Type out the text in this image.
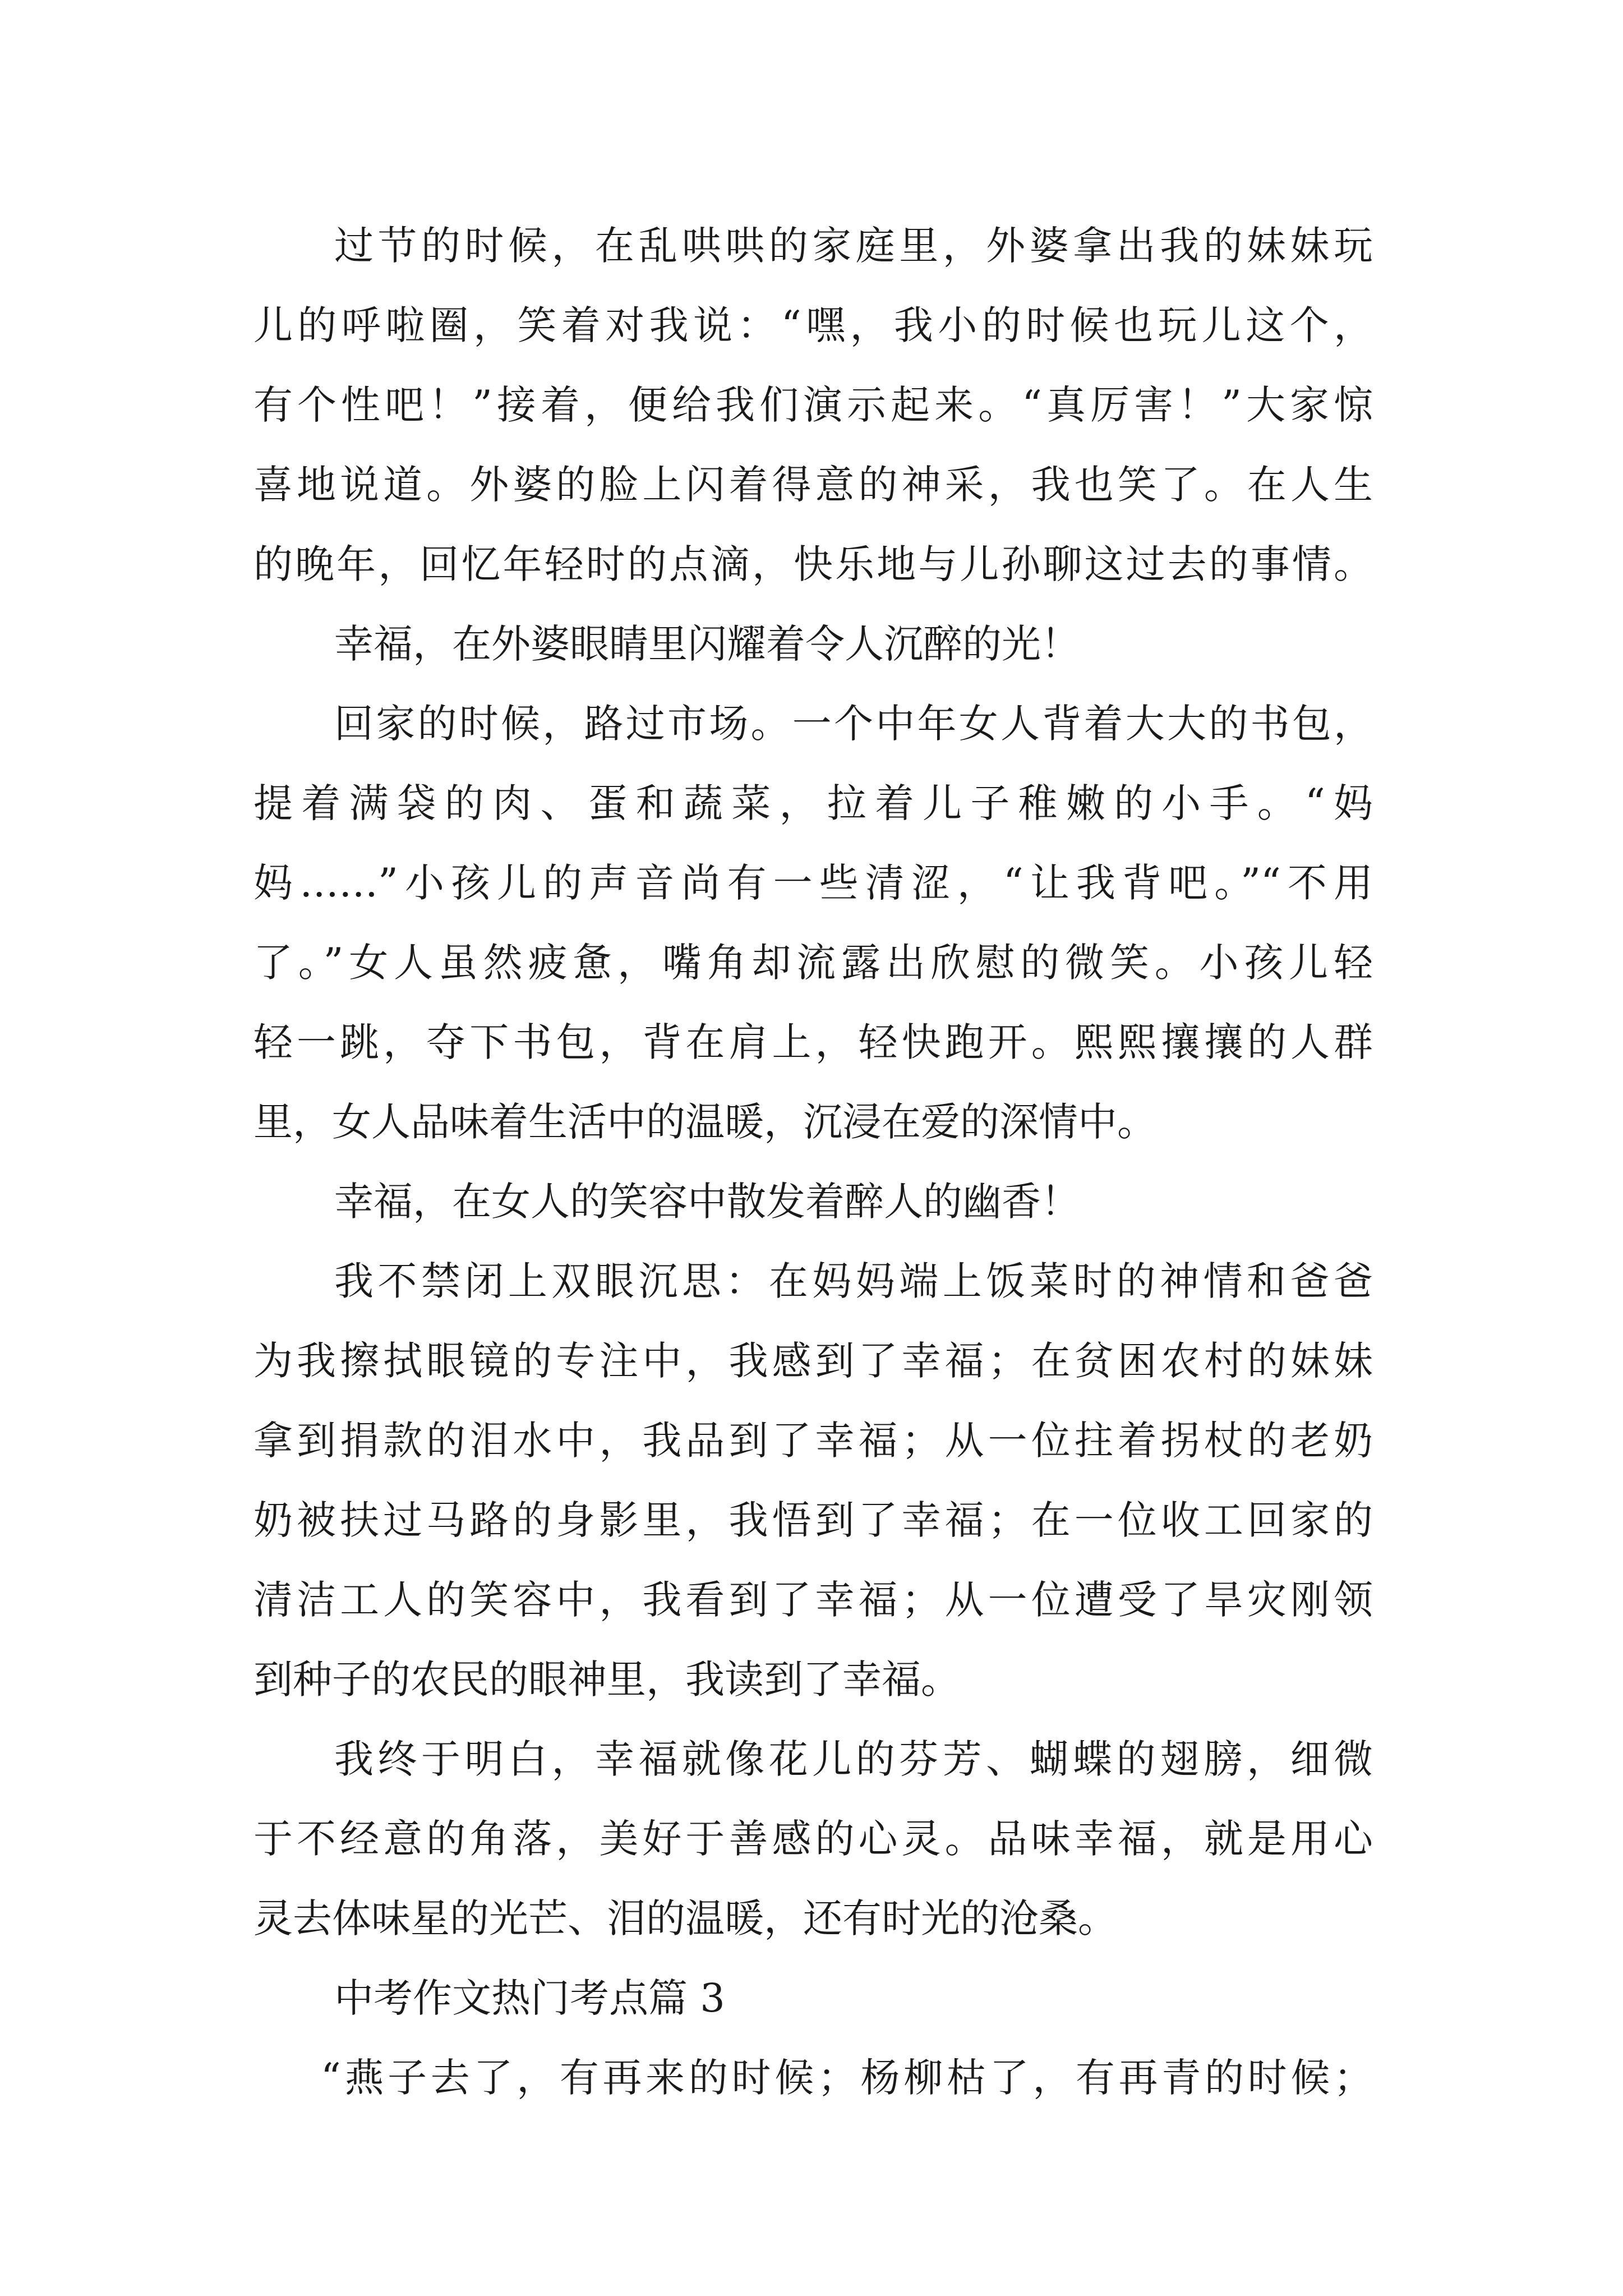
过节的时候，在乱哄哄的家庭里，外婆拿出我的妹妹玩
儿的呼啦圈，笑着对我说：“嘿，我小的时候也玩儿这个，
有个性吧！”接着，便给我们演示起来。“真厉害！”大家惊
喜地说道。外婆的脸上闪着得意的神采，我也笑了。在人生
的晚年，回忆年轻时的点滴，快乐地与儿孙聊这过去的事情。
幸福，在外婆眼睛里闪耀着令人沉醉的光！
回家的时候，路过市场。一个中年女人背着大大的书包，
提着满袋的肉、蛋和蔬菜，拉着儿子稚嫩的小手。“妈
妈……”小孩儿的声音尚有一些清涩，“让我背吧。”“不用
了。”女人虽然疲惫，嘴角却流露出欣慰的微笑。小孩儿轻
轻一跳，夺下书包，背在肩上，轻快跑开。熙熙攘攘的人群
里，女人品味着生活中的温暖，沉浸在爱的深情中。
幸福，在女人的笑容中散发着醉人的幽香！
我不禁闭上双眼沉思：在妈妈端上饭菜时的神情和爸爸
为我擦拭眼镜的专注中，我感到了幸福；在贫困农村的妹妹
拿到捐款的泪水中，我品到了幸福；从一位拄着拐杖的老奶
奶被扶过马路的身影里，我悟到了幸福；在一位收工回家的
清洁工人的笑容中，我看到了幸福；从一位遭受了旱灾刚领
到种子的农民的眼神里，我读到了幸福。
我终于明白，幸福就像花儿的芬芳、蝴蝶的翅膀，细微
于不经意的角落，美好于善感的心灵。品味幸福，就是用心
灵去体味星的光芒、泪的温暖，还有时光的沧桑。
中考作文热门考点篇 3
“燕子去了，有再来的时候；杨柳枯了，有再青的时候；
